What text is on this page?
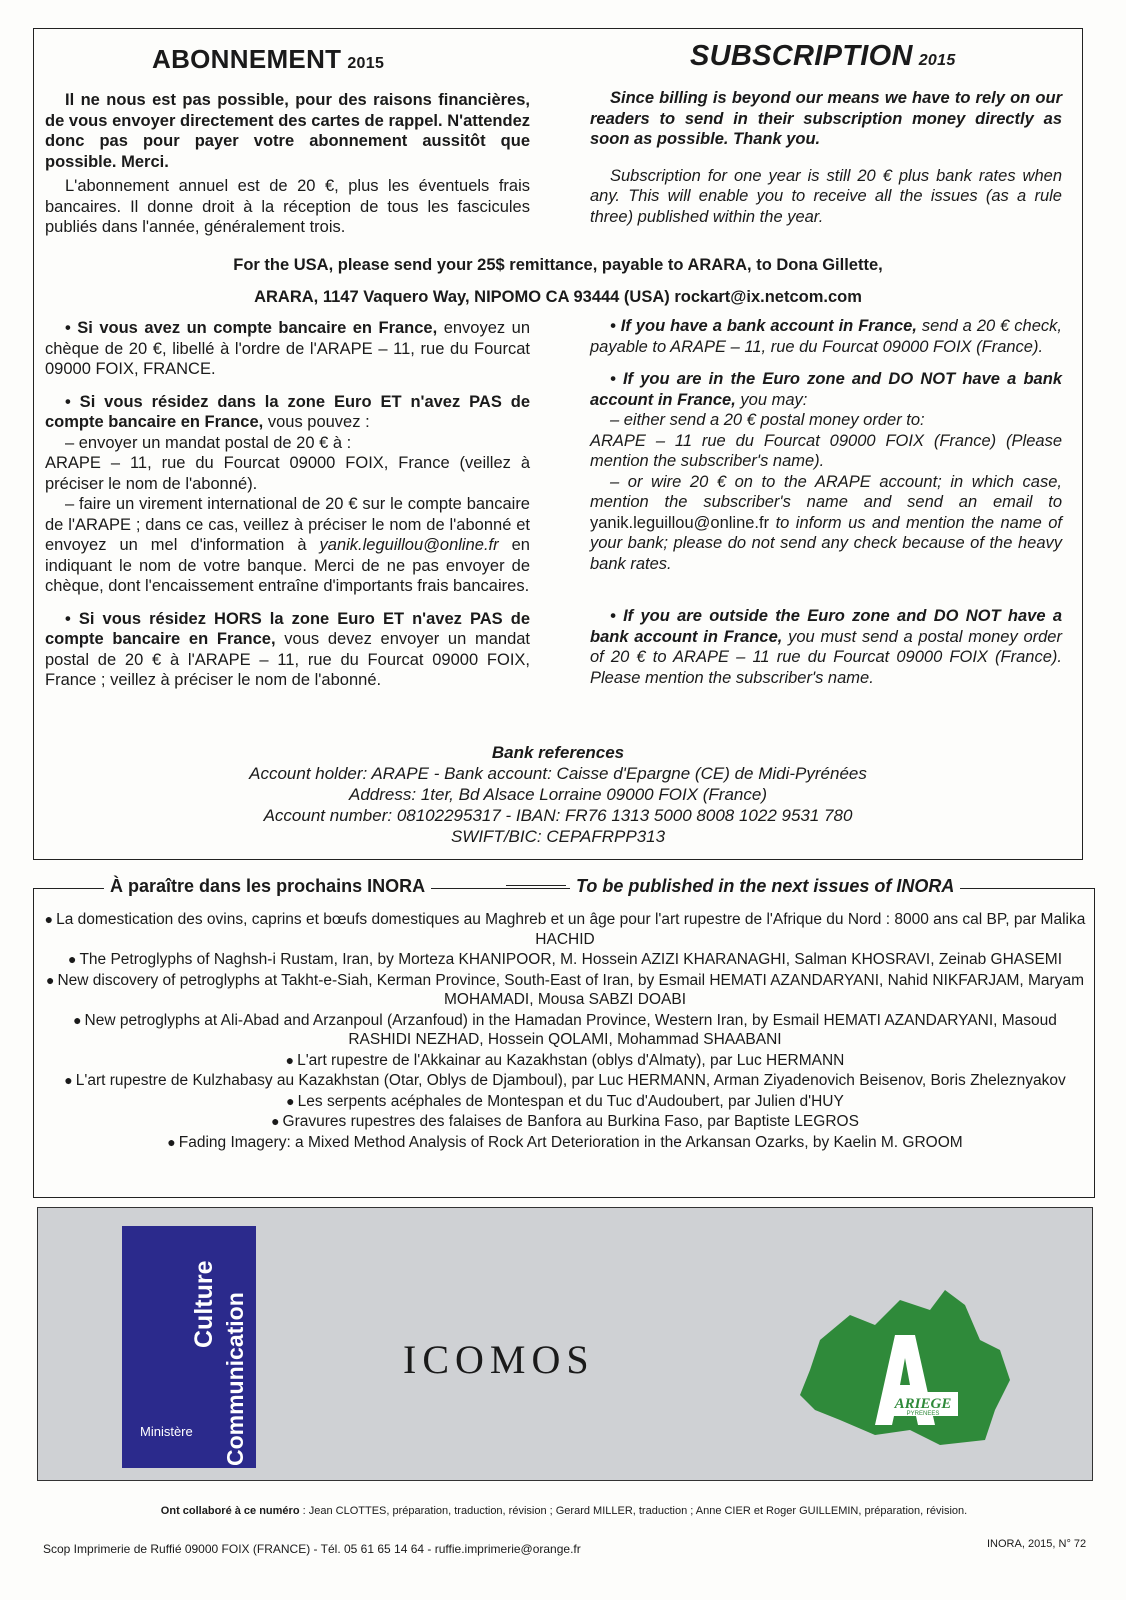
ABONNEMENT 2015	SUBSCRIPTION 2015

Il ne nous est pas possible, pour des raisons financières, de vous envoyer directement des cartes de rappel. N'attendez donc pas pour payer votre abonnement aussitôt que possible. Merci.

L'abonnement annuel est de 20 €, plus les éventuels frais bancaires. Il donne droit à la réception de tous les fascicules publiés dans l'année, généralement trois.

Since billing is beyond our means we have to rely on our readers to send in their subscription money directly as soon as possible. Thank you.

Subscription for one year is still 20 € plus bank rates when any. This will enable you to receive all the issues (as a rule three) published within the year.

For the USA, please send your 25$ remittance, payable to ARARA, to Dona Gillette,
ARARA, 1147 Vaquero Way, NIPOMO CA 93444 (USA) rockart@ix.netcom.com

• Si vous avez un compte bancaire en France, envoyez un chèque de 20 €, libellé à l'ordre de l'ARAPE – 11, rue du Fourcat 09000 FOIX, FRANCE.

• Si vous résidez dans la zone Euro ET n'avez PAS de compte bancaire en France, vous pouvez :

– envoyer un mandat postal de 20 € à :

ARAPE – 11, rue du Fourcat 09000 FOIX, France (veillez à préciser le nom de l'abonné).

– faire un virement international de 20 € sur le compte bancaire de l'ARAPE ; dans ce cas, veillez à préciser le nom de l'abonné et envoyez un mel d'information à yanik.leguillou@online.fr en indiquant le nom de votre banque. Merci de ne pas envoyer de chèque, dont l'encaissement entraîne d'importants frais bancaires.

• Si vous résidez HORS la zone Euro ET n'avez PAS de compte bancaire en France, vous devez envoyer un mandat postal de 20 € à l'ARAPE – 11, rue du Fourcat 09000 FOIX, France ; veillez à préciser le nom de l'abonné.

• If you have a bank account in France, send a 20 € check, payable to ARAPE – 11, rue du Fourcat 09000 FOIX (France).

• If you are in the Euro zone and DO NOT have a bank account in France, you may:

– either send a 20 € postal money order to:

ARAPE – 11 rue du Fourcat 09000 FOIX (France) (Please mention the subscriber's name).

– or wire 20 € on to the ARAPE account; in which case, mention the subscriber's name and send an email to yanik.leguillou@online.fr to inform us and mention the name of your bank; please do not send any check because of the heavy bank rates.

• If you are outside the Euro zone and DO NOT have a bank account in France, you must send a postal money order of 20 € to ARAPE – 11 rue du Fourcat 09000 FOIX (France). Please mention the subscriber's name.

Bank references
Account holder: ARAPE - Bank account: Caisse d'Epargne (CE) de Midi-Pyrénées
Address: 1ter, Bd Alsace Lorraine 09000 FOIX (France)
Account number: 08102295317 - IBAN: FR76 1313 5000 8008 1022 9531 780
SWIFT/BIC: CEPAFRPP313
À paraître dans les prochains INORA	To be published in the next issues of INORA
● La domestication des ovins, caprins et bœufs domestiques au Maghreb et un âge pour l'art rupestre de l'Afrique du Nord : 8000 ans cal BP, par Malika HACHID
● The Petroglyphs of Naghsh-i Rustam, Iran, by Morteza KHANIPOOR, M. Hossein AZIZI KHARANAGHI, Salman KHOSRAVI, Zeinab GHASEMI
● New discovery of petroglyphs at Takht-e-Siah, Kerman Province, South-East of Iran, by Esmail HEMATI AZANDARYANI, Nahid NIKFARJAM, Maryam MOHAMADI, Mousa SABZI DOABI
● New petroglyphs at Ali-Abad and Arzanpoul (Arzanfoud) in the Hamadan Province, Western Iran, by Esmail HEMATI AZANDARYANI, Masoud RASHIDI NEZHAD, Hossein QOLAMI, Mohammad SHAABANI
● L'art rupestre de l'Akkainar au Kazakhstan (oblys d'Almaty), par Luc HERMANN
● L'art rupestre de Kulzhabasy au Kazakhstan (Otar, Oblys de Djamboul), par Luc HERMANN, Arman Ziyadenovich Beisenov, Boris Zheleznyakov
● Les serpents acéphales de Montespan et du Tuc d'Audoubert, par Julien d'HUY
● Gravures rupestres des falaises de Banfora au Burkina Faso, par Baptiste LEGROS
● Fading Imagery: a Mixed Method Analysis of Rock Art Deterioration in the Arkansan Ozarks, by Kaelin M. GROOM
Culture Communication
Ministère
ICOMOS
ARIEGE
PYRENEES
Ont collaboré à ce numéro : Jean CLOTTES, préparation, traduction, révision ; Gerard MILLER, traduction ; Anne CIER et Roger GUILLEMIN, préparation, révision.
Scop Imprimerie de Ruffié 09000 FOIX (FRANCE) - Tél. 05 61 65 14 64 - ruffie.imprimerie@orange.fr	INORA, 2015, N° 72
